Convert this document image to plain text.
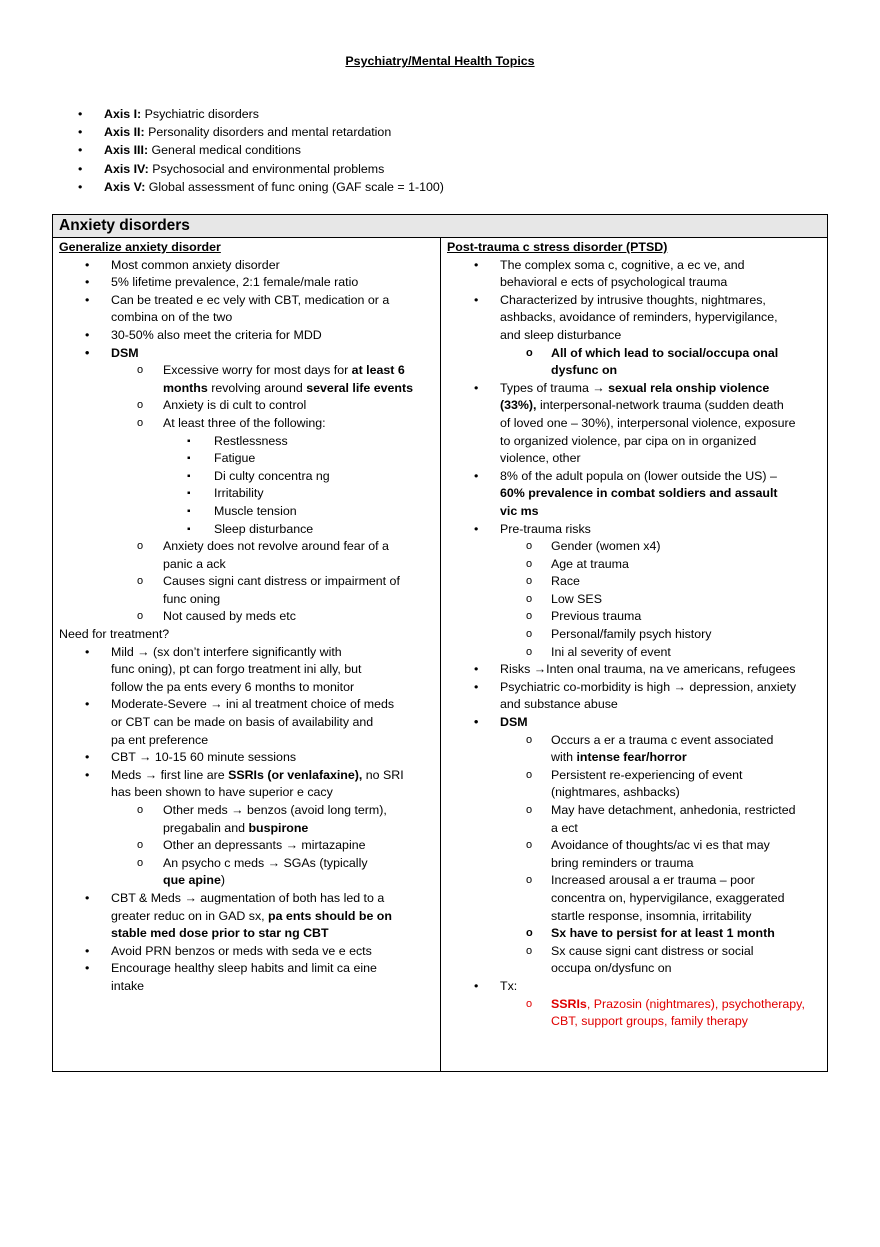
Psychiatry/Mental Health Topics
• Axis I: Psychiatric disorders
• Axis II: Personality disorders and mental retardation
• Axis III: General medical conditions
• Axis IV: Psychosocial and environmental problems
• Axis V: Global assessment of func oning (GAF scale = 1-100)
Anxiety disorders
Generalize anxiety disorder
• Most common anxiety disorder
• 5% lifetime prevalence, 2:1 female/male ratio
• Can be treated e ec vely with CBT, medication or a
combina on of the two
• 30-50% also meet the criteria for MDD
• DSM
o Excessive worry for most days for at least 6
months revolving around several life events
o Anxiety is di cult to control
o At least three of the following:
▪ Restlessness
▪ Fatigue
▪ Di culty concentra ng
▪ Irritability
▪ Muscle tension
▪ Sleep disturbance
o Anxiety does not revolve around fear of a
panic a ack
o Causes signi cant distress or impairment of
func oning
o Not caused by meds etc
Need for treatment?
• Mild → (sx don’t interfere significantly with
func oning), pt can forgo treatment ini ally, but
follow the pa ents every 6 months to monitor
• Moderate-Severe → ini al treatment choice of meds
or CBT can be made on basis of availability and
pa ent preference
• CBT → 10-15 60 minute sessions
• Meds → first line are SSRIs (or venlafaxine), no SRI
has been shown to have superior e cacy
o Other meds → benzos (avoid long term),
pregabalin and buspirone
o Other an depressants → mirtazapine
o An psycho c meds → SGAs (typically
que apine)
• CBT & Meds → augmentation of both has led to a
greater reduc on in GAD sx, pa ents should be on
stable med dose prior to star ng CBT
• Avoid PRN benzos or meds with seda ve e ects
• Encourage healthy sleep habits and limit ca eine
intake
Post-trauma c stress disorder (PTSD)
• The complex soma c, cognitive, a ec ve, and
behavioral e ects of psychological trauma
• Characterized by intrusive thoughts, nightmares,
ashbacks, avoidance of reminders, hypervigilance,
and sleep disturbance
o All of which lead to social/occupa onal
dysfunc on
• Types of trauma → sexual rela onship violence
(33%), interpersonal-network trauma (sudden death
of loved one – 30%), interpersonal violence, exposure
to organized violence, par cipa on in organized
violence, other
• 8% of the adult popula on (lower outside the US) –
60% prevalence in combat soldiers and assault
vic ms
• Pre-trauma risks
o Gender (women x4)
o Age at trauma
o Race
o Low SES
o Previous trauma
o Personal/family psych history
o Ini al severity of event
• Risks →Inten onal trauma, na ve americans, refugees
• Psychiatric co-morbidity is high → depression, anxiety
and substance abuse
• DSM
o Occurs a er a trauma c event associated
with intense fear/horror
o Persistent re-experiencing of event
(nightmares, ashbacks)
o May have detachment, anhedonia, restricted
a ect
o Avoidance of thoughts/ac vi es that may
bring reminders or trauma
o Increased arousal a er trauma – poor
concentra on, hypervigilance, exaggerated
startle response, insomnia, irritability
o Sx have to persist for at least 1 month
o Sx cause signi cant distress or social
occupa on/dysfunc on
• Tx:
o SSRIs, Prazosin (nightmares), psychotherapy,
CBT, support groups, family therapy
